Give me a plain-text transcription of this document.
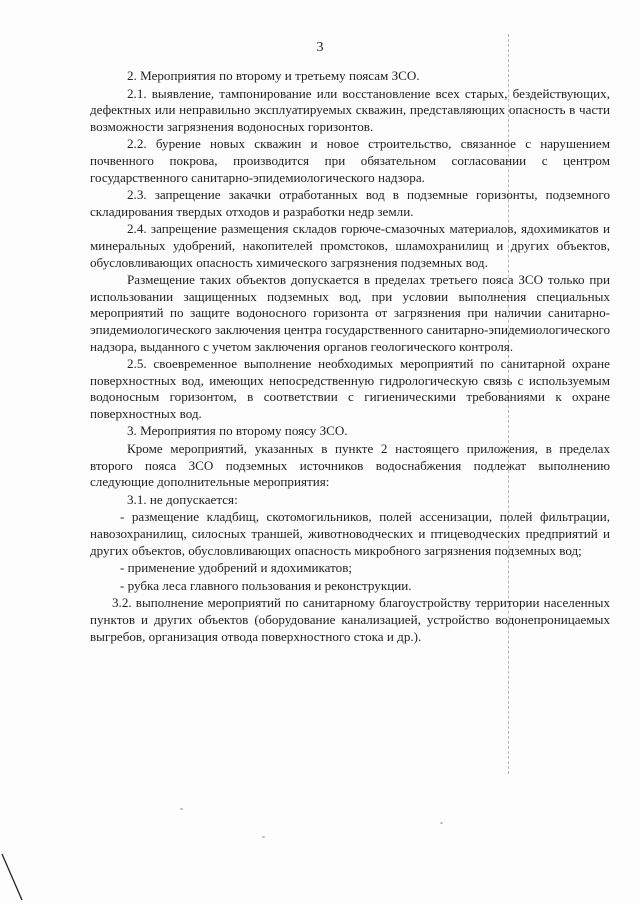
3

2. Мероприятия по второму и третьему поясам ЗСО.

2.1. выявление, тампонирование или восстановление всех старых, бездействующих, дефектных или неправильно эксплуатируемых скважин, представляющих опасность в части возможности загрязнения водоносных горизонтов.

2.2. бурение новых скважин и новое строительство, связанное с нарушением почвенного покрова, производится при обязательном согласовании с центром государственного санитарно-эпидемиологического надзора.

2.3. запрещение закачки отработанных вод в подземные горизонты, подземного складирования твердых отходов и разработки недр земли.

2.4. запрещение размещения складов горюче-смазочных материалов, ядохимикатов и минеральных удобрений, накопителей промстоков, шламохранилищ и других объектов, обусловливающих опасность химического загрязнения подземных вод.

Размещение таких объектов допускается в пределах третьего пояса ЗСО только при использовании защищенных подземных вод, при условии выполнения специальных мероприятий по защите водоносного горизонта от загрязнения при наличии санитарно-эпидемиологического заключения центра государственного санитарно-эпидемиологического надзора, выданного с учетом заключения органов геологического контроля.

2.5. своевременное выполнение необходимых мероприятий по санитарной охране поверхностных вод, имеющих непосредственную гидрологическую связь с используемым водоносным горизонтом, в соответствии с гигиеническими требованиями к охране поверхностных вод.

3. Мероприятия по второму поясу ЗСО.

Кроме мероприятий, указанных в пункте 2 настоящего приложения, в пределах второго пояса ЗСО подземных источников водоснабжения подлежат выполнению следующие дополнительные мероприятия:

3.1. не допускается:

- размещение кладбищ, скотомогильников, полей ассенизации, полей фильтрации, навозохранилищ, силосных траншей, животноводческих и птицеводческих предприятий и других объектов, обусловливающих опасность микробного загрязнения подземных вод;

- применение удобрений и ядохимикатов;

- рубка леса главного пользования и реконструкции.

3.2. выполнение мероприятий по санитарному благоустройству территории населенных пунктов и других объектов (оборудование канализацией, устройство водонепроницаемых выгребов, организация отвода поверхностного стока и др.).
